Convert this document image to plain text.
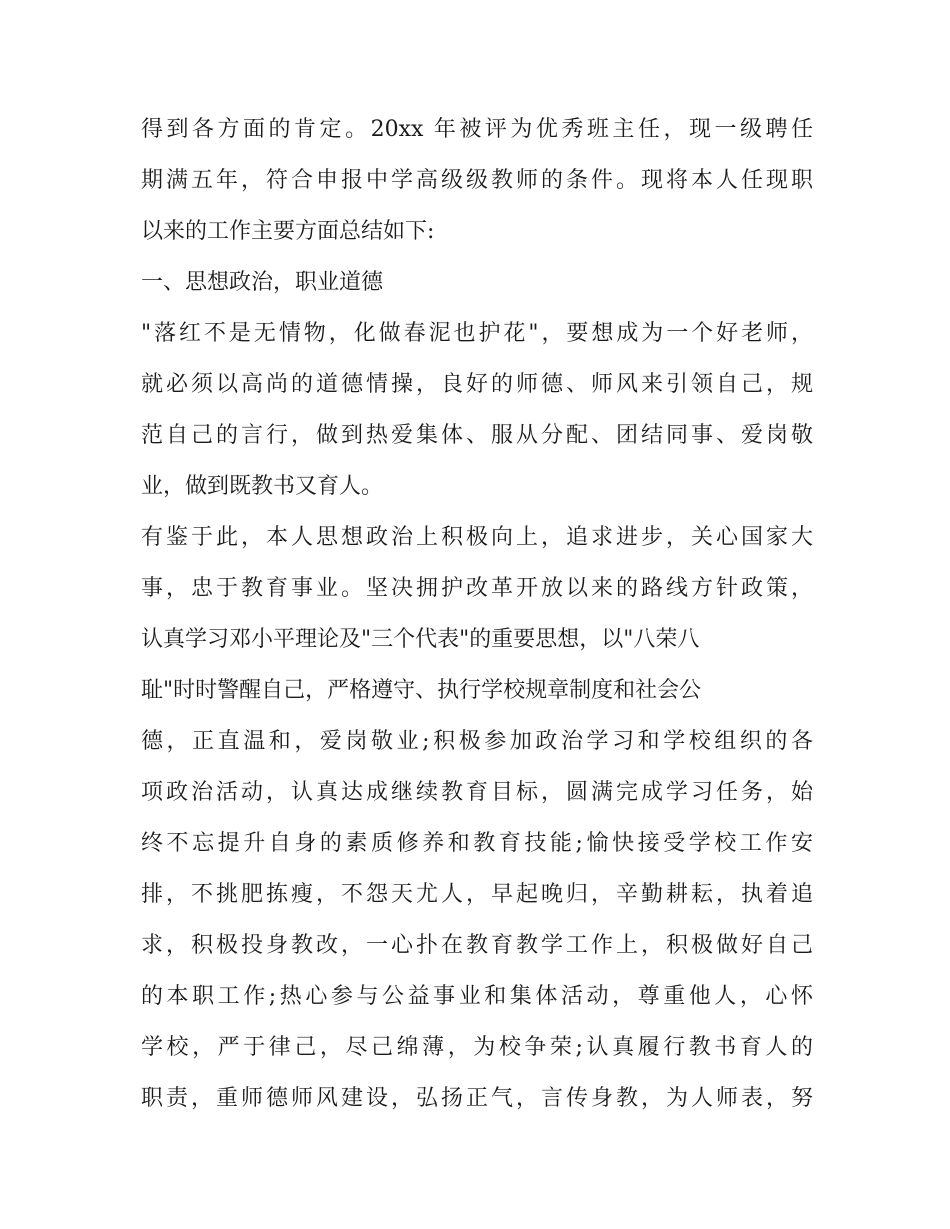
得到各方面的肯定。20xx 年被评为优秀班主任，现一级聘任
期满五年，符合申报中学高级级教师的条件。现将本人任现职
以来的工作主要方面总结如下:
一、思想政治，职业道德
"落红不是无情物，化做春泥也护花"，要想成为一个好老师，
就必须以高尚的道德情操，良好的师德、师风来引领自己，规
范自己的言行，做到热爱集体、服从分配、团结同事、爱岗敬
业，做到既教书又育人。
有鉴于此，本人思想政治上积极向上，追求进步，关心国家大
事，忠于教育事业。坚决拥护改革开放以来的路线方针政策，
认真学习邓小平理论及"三个代表"的重要思想，以"八荣八
耻"时时警醒自己，严格遵守、执行学校规章制度和社会公
德，正直温和，爱岗敬业;积极参加政治学习和学校组织的各
项政治活动，认真达成继续教育目标，圆满完成学习任务，始
终不忘提升自身的素质修养和教育技能;愉快接受学校工作安
排，不挑肥拣瘦，不怨天尤人，早起晚归，辛勤耕耘，执着追
求，积极投身教改，一心扑在教育教学工作上，积极做好自己
的本职工作;热心参与公益事业和集体活动，尊重他人，心怀
学校，严于律己，尽己绵薄，为校争荣;认真履行教书育人的
职责，重师德师风建设，弘扬正气，言传身教，为人师表，努
